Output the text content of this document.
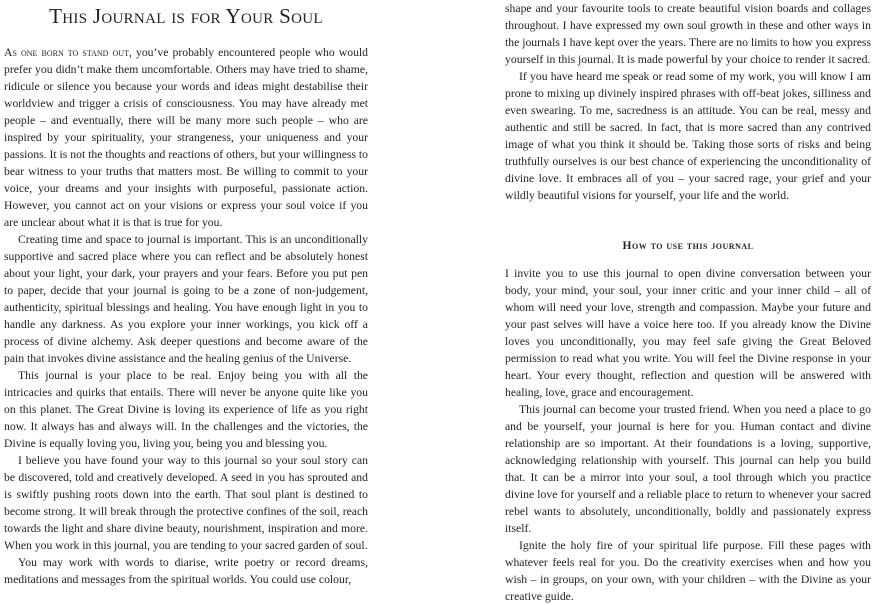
This Journal is for Your Soul

As one born to stand out, you’ve probably encountered people who would prefer you didn’t make them uncomfortable. Others may have tried to shame, ridicule or silence you because your words and ideas might destabilise their worldview and trigger a crisis of consciousness. You may have already met people – and eventually, there will be many more such people – who are inspired by your spirituality, your strangeness, your uniqueness and your passions. It is not the thoughts and reactions of others, but your willingness to bear witness to your truths that matters most. Be willing to commit to your voice, your dreams and your insights with purposeful, passionate action. However, you cannot act on your visions or express your soul voice if you are unclear about what it is that is true for you.

Creating time and space to journal is important. This is an unconditionally supportive and sacred place where you can reflect and be absolutely honest about your light, your dark, your prayers and your fears. Before you put pen to paper, decide that your journal is going to be a zone of non-judgement, authenticity, spiritual blessings and healing. You have enough light in you to handle any darkness. As you explore your inner workings, you kick off a process of divine alchemy. Ask deeper questions and become aware of the pain that invokes divine assistance and the healing genius of the Universe.

This journal is your place to be real. Enjoy being you with all the intricacies and quirks that entails. There will never be anyone quite like you on this planet. The Great Divine is loving its experience of life as you right now. It always has and always will. In the challenges and the victories, the Divine is equally loving you, living you, being you and blessing you.

I believe you have found your way to this journal so your soul story can be discovered, told and creatively developed. A seed in you has sprouted and is swiftly pushing roots down into the earth. That soul plant is destined to become strong. It will break through the protective confines of the soil, reach towards the light and share divine beauty, nourishment, inspiration and more. When you work in this journal, you are tending to your sacred garden of soul.

You may work with words to diarise, write poetry or record dreams, meditations and messages from the spiritual worlds. You could use colour,

shape and your favourite tools to create beautiful vision boards and collages throughout. I have expressed my own soul growth in these and other ways in the journals I have kept over the years. There are no limits to how you express yourself in this journal. It is made powerful by your choice to render it sacred.

If you have heard me speak or read some of my work, you will know I am prone to mixing up divinely inspired phrases with off-beat jokes, silliness and even swearing. To me, sacredness is an attitude. You can be real, messy and authentic and still be sacred. In fact, that is more sacred than any contrived image of what you think it should be. Taking those sorts of risks and being truthfully ourselves is our best chance of experiencing the unconditionality of divine love. It embraces all of you – your sacred rage, your grief and your wildly beautiful visions for yourself, your life and the world.

How to use this journal

I invite you to use this journal to open divine conversation between your body, your mind, your soul, your inner critic and your inner child – all of whom will need your love, strength and compassion. Maybe your future and your past selves will have a voice here too. If you already know the Divine loves you unconditionally, you may feel safe giving the Great Beloved permission to read what you write. You will feel the Divine response in your heart. Your every thought, reflection and question will be answered with healing, love, grace and encouragement.

This journal can become your trusted friend. When you need a place to go and be yourself, your journal is here for you. Human contact and divine relationship are so important. At their foundations is a loving, supportive, acknowledging relationship with yourself. This journal can help you build that. It can be a mirror into your soul, a tool through which you practice divine love for yourself and a reliable place to return to whenever your sacred rebel wants to absolutely, unconditionally, boldly and passionately express itself.

Ignite the holy fire of your spiritual life purpose. Fill these pages with whatever feels real for you. Do the creativity exercises when and how you wish – in groups, on your own, with your children – with the Divine as your creative guide.
